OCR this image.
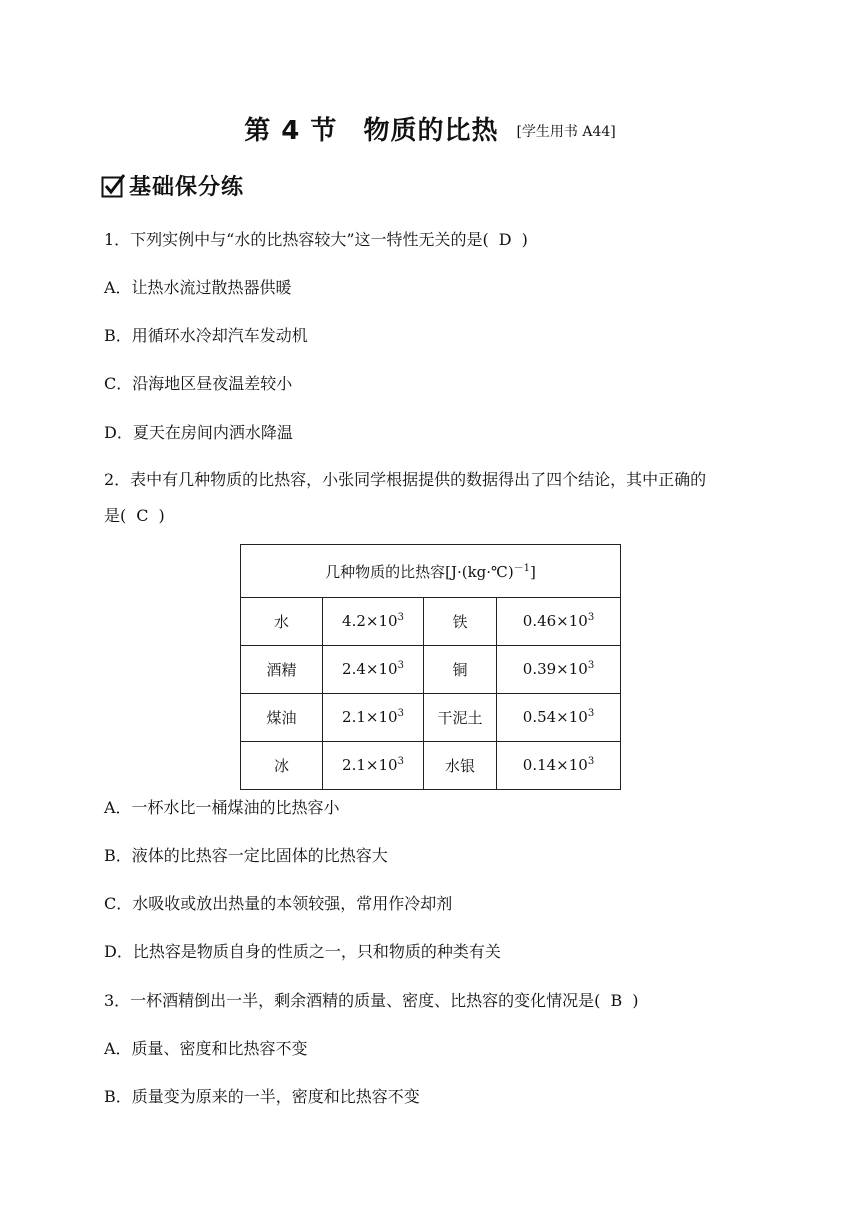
第 4 节 物质的比热 [学生用书 A44]
基础保分练
1．下列实例中与“水的比热容较大”这一特性无关的是( D )
A．让热水流过散热器供暖
B．用循环水冷却汽车发动机
C．沿海地区昼夜温差较小
D．夏天在房间内洒水降温
2．表中有几种物质的比热容，小张同学根据提供的数据得出了四个结论，其中正确的
是( C )
几种物质的比热容[J·(kg·℃)$^{-1}$]			
水	$4.2\times 10^3$	铁	$0.46\times 10^3$
酒精	$2.4\times 10^3$	铜	$0.39\times 10^3$
煤油	$2.1\times 10^3$	干泥土	$0.54\times 10^3$
冰	$2.1\times 10^3$	水银	$0.14\times 10^3$
A．一杯水比一桶煤油的比热容小
B．液体的比热容一定比固体的比热容大
C．水吸收或放出热量的本领较强，常用作冷却剂
D．比热容是物质自身的性质之一，只和物质的种类有关
3．一杯酒精倒出一半，剩余酒精的质量、密度、比热容的变化情况是( B )
A．质量、密度和比热容不变
B．质量变为原来的一半，密度和比热容不变
